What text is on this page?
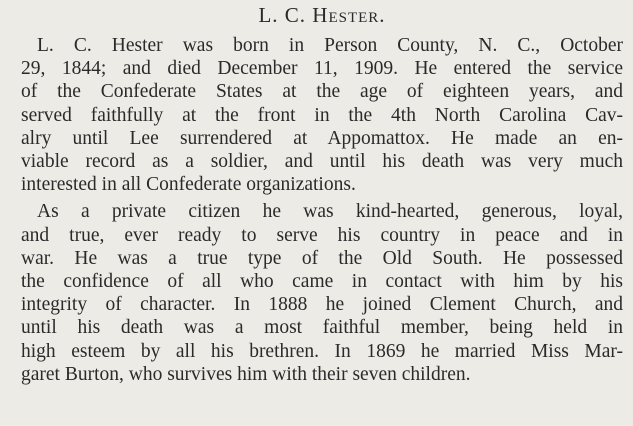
L. C. Hester.
L. C. Hester was born in Person County, N. C., October
29, 1844; and died December 11, 1909. He entered the service
of the Confederate States at the age of eighteen years, and
served faithfully at the front in the 4th North Carolina Cav-
alry until Lee surrendered at Appomattox. He made an en-
viable record as a soldier, and until his death was very much
interested in all Confederate organizations.
As a private citizen he was kind-hearted, generous, loyal,
and true, ever ready to serve his country in peace and in
war. He was a true type of the Old South. He possessed
the confidence of all who came in contact with him by his
integrity of character. In 1888 he joined Clement Church, and
until his death was a most faithful member, being held in
high esteem by all his brethren. In 1869 he married Miss Mar-
garet Burton, who survives him with their seven children.
